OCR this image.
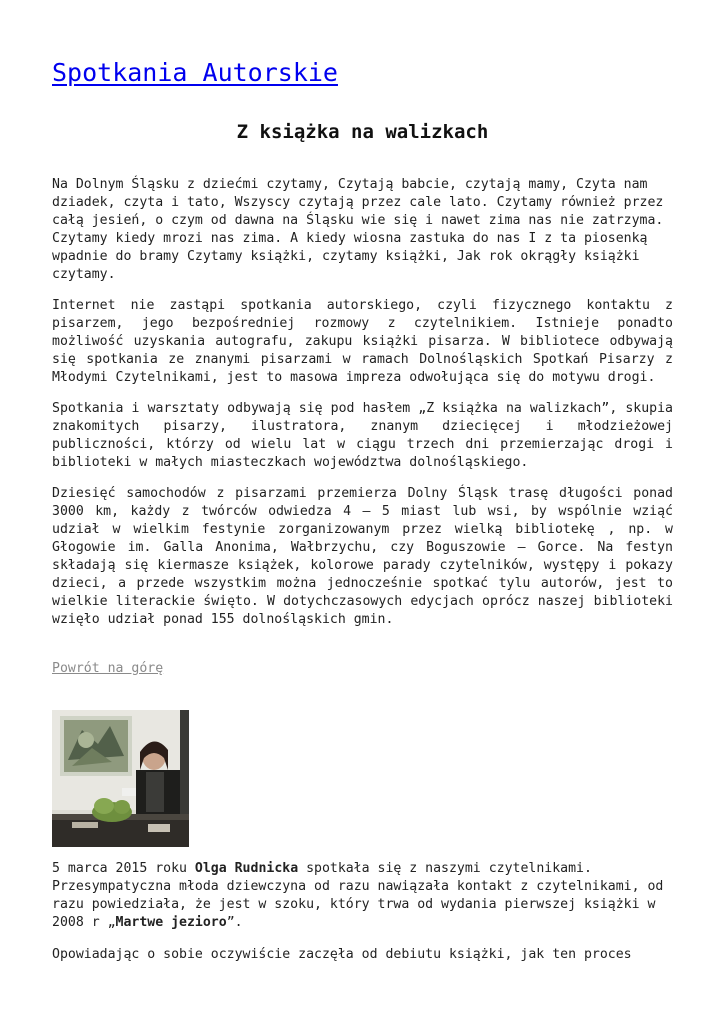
Spotkania Autorskie
Z książka na walizkach

Na Dolnym Śląsku z dziećmi czytamy, Czytają babcie, czytają mamy, Czyta nam dziadek, czyta i tato, Wszyscy czytają przez cale lato. Czytamy również przez całą jesień, o czym od dawna na Śląsku wie się i nawet zima nas nie zatrzyma. Czytamy kiedy mrozi nas zima. A kiedy wiosna zastuka do nas I z ta piosenką wpadnie do bramy Czytamy książki, czytamy książki, Jak rok okrągły książki czytamy.

Internet nie zastąpi spotkania autorskiego, czyli fizycznego kontaktu z pisarzem, jego bezpośredniej rozmowy z czytelnikiem. Istnieje ponadto możliwość uzyskania autografu, zakupu książki pisarza. W bibliotece odbywają się spotkania ze znanymi pisarzami w ramach Dolnośląskich Spotkań Pisarzy z Młodymi Czytelnikami, jest to masowa impreza odwołująca się do motywu drogi.

Spotkania i warsztaty odbywają się pod hasłem „Z książka na walizkach”, skupia znakomitych pisarzy, ilustratora, znanym dziecięcej i młodzieżowej publiczności, którzy od wielu lat w ciągu trzech dni przemierzając drogi i biblioteki w małych miasteczkach województwa dolnośląskiego.

Dziesięć samochodów z pisarzami przemierza Dolny Śląsk trasę długości ponad 3000 km, każdy z twórców odwiedza 4 – 5 miast lub wsi, by wspólnie wziąć udział w wielkim festynie zorganizowanym przez wielką bibliotekę , np. w Głogowie im. Galla Anonima, Wałbrzychu, czy Boguszowie – Gorce. Na festyn składają się kiermasze książek, kolorowe parady czytelników, występy i pokazy dzieci, a przede wszystkim można jednocześnie spotkać tylu autorów, jest to wielkie literackie święto. W dotychczasowych edycjach oprócz naszej biblioteki wzięło udział ponad 155 dolnośląskich gmin.

Powrót na górę

5 marca 2015 roku Olga Rudnicka spotkała się z naszymi czytelnikami. Przesympatyczna młoda dziewczyna od razu nawiązała kontakt z czytelnikami, od razu powiedziała, że jest w szoku, który trwa od wydania pierwszej książki w 2008 r „Martwe jezioro”.

Opowiadając o sobie oczywiście zaczęła od debiutu książki, jak ten proces
